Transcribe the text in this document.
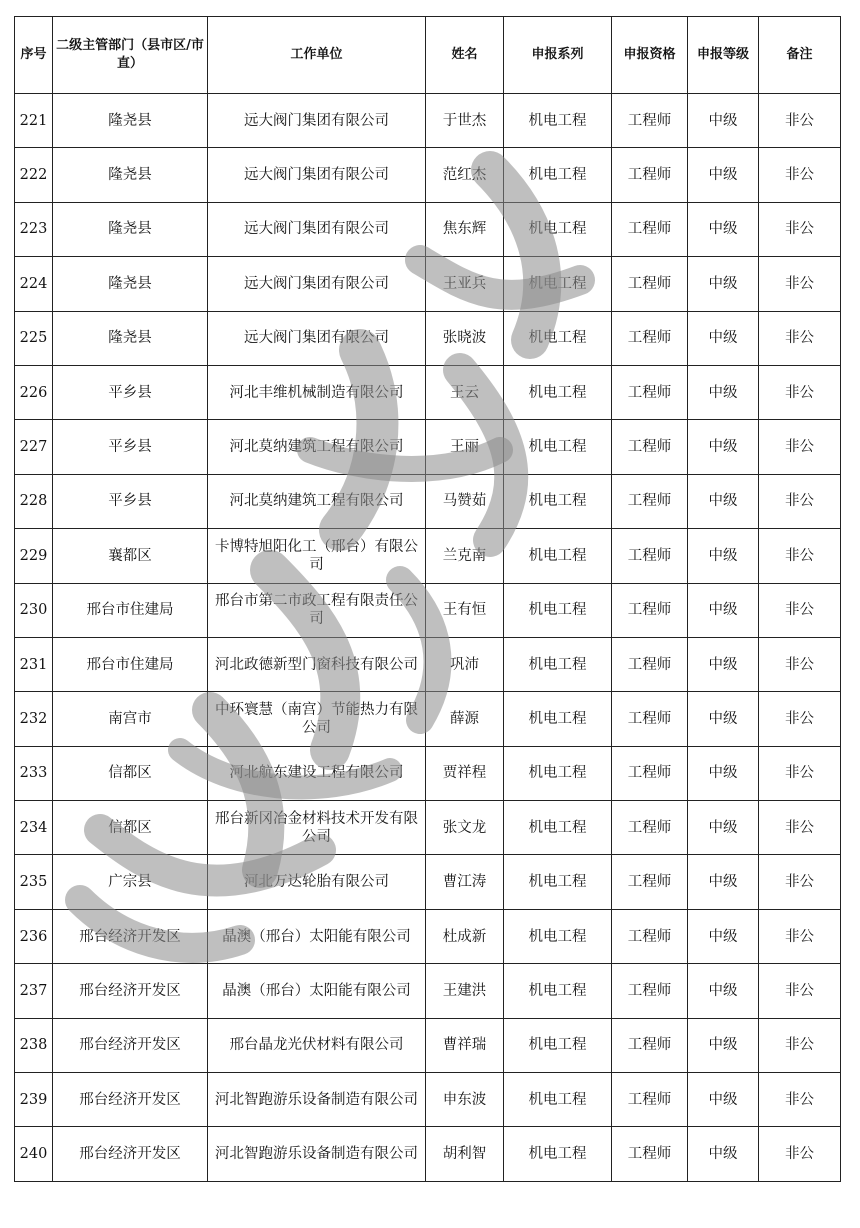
序号	二级主管部门（县市区/市直）	工作单位	姓名	申报系列	申报资格	申报等级	备注
221	隆尧县	远大阀门集团有限公司	于世杰	机电工程	工程师	中级	非公
222	隆尧县	远大阀门集团有限公司	范红杰	机电工程	工程师	中级	非公
223	隆尧县	远大阀门集团有限公司	焦东辉	机电工程	工程师	中级	非公
224	隆尧县	远大阀门集团有限公司	王亚兵	机电工程	工程师	中级	非公
225	隆尧县	远大阀门集团有限公司	张晓波	机电工程	工程师	中级	非公
226	平乡县	河北丰维机械制造有限公司	王云	机电工程	工程师	中级	非公
227	平乡县	河北莫纳建筑工程有限公司	王丽	机电工程	工程师	中级	非公
228	平乡县	河北莫纳建筑工程有限公司	马赞茹	机电工程	工程师	中级	非公
229	襄都区	卡博特旭阳化工（邢台）有限公司	兰克南	机电工程	工程师	中级	非公
230	邢台市住建局	邢台市第二市政工程有限责任公司	王有恒	机电工程	工程师	中级	非公
231	邢台市住建局	河北政德新型门窗科技有限公司	巩沛	机电工程	工程师	中级	非公
232	南宫市	中环寰慧（南宫）节能热力有限公司	薛源	机电工程	工程师	中级	非公
233	信都区	河北航东建设工程有限公司	贾祥程	机电工程	工程师	中级	非公
234	信都区	邢台新冈冶金材料技术开发有限公司	张文龙	机电工程	工程师	中级	非公
235	广宗县	河北万达轮胎有限公司	曹江涛	机电工程	工程师	中级	非公
236	邢台经济开发区	晶澳（邢台）太阳能有限公司	杜成新	机电工程	工程师	中级	非公
237	邢台经济开发区	晶澳（邢台）太阳能有限公司	王建洪	机电工程	工程师	中级	非公
238	邢台经济开发区	邢台晶龙光伏材料有限公司	曹祥瑞	机电工程	工程师	中级	非公
239	邢台经济开发区	河北智跑游乐设备制造有限公司	申东波	机电工程	工程师	中级	非公
240	邢台经济开发区	河北智跑游乐设备制造有限公司	胡利智	机电工程	工程师	中级	非公
